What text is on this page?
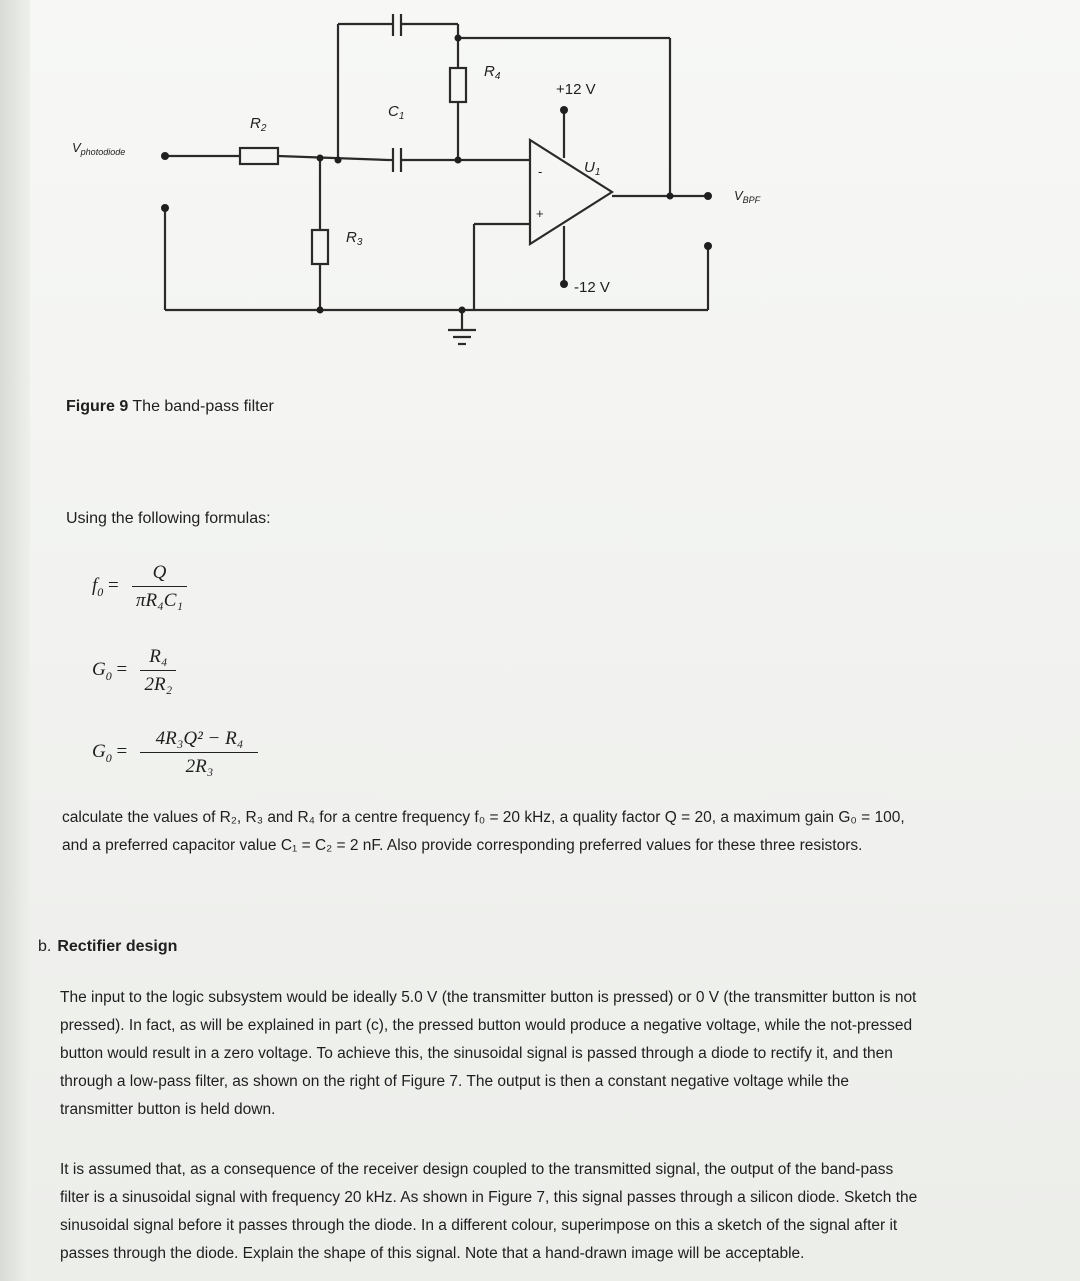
$V_{photodiode}$
$R_2$
$R_3$
$R_4$
$C_1$
$U_1$
+12 V
-12 V
$V_{BPF}$
-
+
Figure 9 The band-pass filter
Using the following formulas:
$f_0 = \frac{Q}{\text{πR₄C₁}}$
$G_0 = \frac{\text{R₄}}{\text{2R₂}}$
$G_0 = \frac{\text{4R₃Q² − R₄}}{\text{2R₃}}$
calculate the values of R₂, R₃ and R₄ for a centre frequency f₀ = 20 kHz, a quality factor Q = 20, a maximum gain G₀ = 100,
and a preferred capacitor value C₁ = C₂ = 2 nF. Also provide corresponding preferred values for these three resistors.
b. Rectifier design
The input to the logic subsystem would be ideally 5.0 V (the transmitter button is pressed) or 0 V (the transmitter button is not
pressed). In fact, as will be explained in part (c), the pressed button would produce a negative voltage, while the not-pressed
button would result in a zero voltage. To achieve this, the sinusoidal signal is passed through a diode to rectify it, and then
through a low-pass filter, as shown on the right of Figure 7. The output is then a constant negative voltage while the
transmitter button is held down.
It is assumed that, as a consequence of the receiver design coupled to the transmitted signal, the output of the band-pass
filter is a sinusoidal signal with frequency 20 kHz. As shown in Figure 7, this signal passes through a silicon diode. Sketch the
sinusoidal signal before it passes through the diode. In a different colour, superimpose on this a sketch of the signal after it
passes through the diode. Explain the shape of this signal. Note that a hand-drawn image will be acceptable.
